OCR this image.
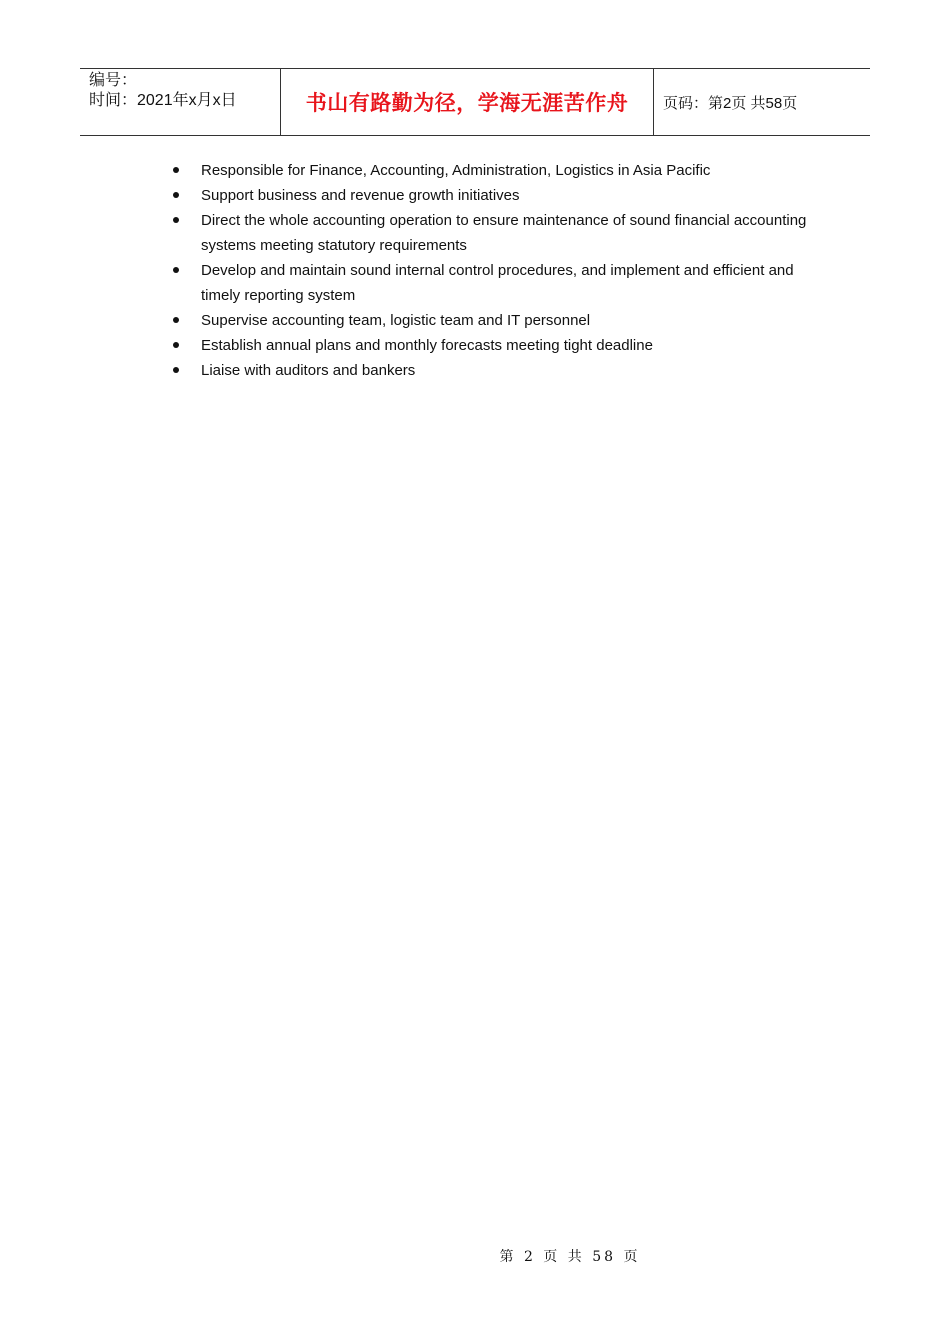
编号：
时间：2021年x月x日	书山有路勤为径，学海无涯苦作舟 页码：第2页 共58页
Responsible for Finance, Accounting, Administration, Logistics in Asia Pacific
Support business and revenue growth initiatives
Direct the whole accounting operation to ensure maintenance of sound financial accounting systems meeting statutory requirements
Develop and maintain sound internal control procedures, and implement and efficient and timely reporting system
Supervise accounting team, logistic team and IT personnel
Establish annual plans and monthly forecasts meeting tight deadline
Liaise with auditors and bankers
第 2 页 共 58 页
